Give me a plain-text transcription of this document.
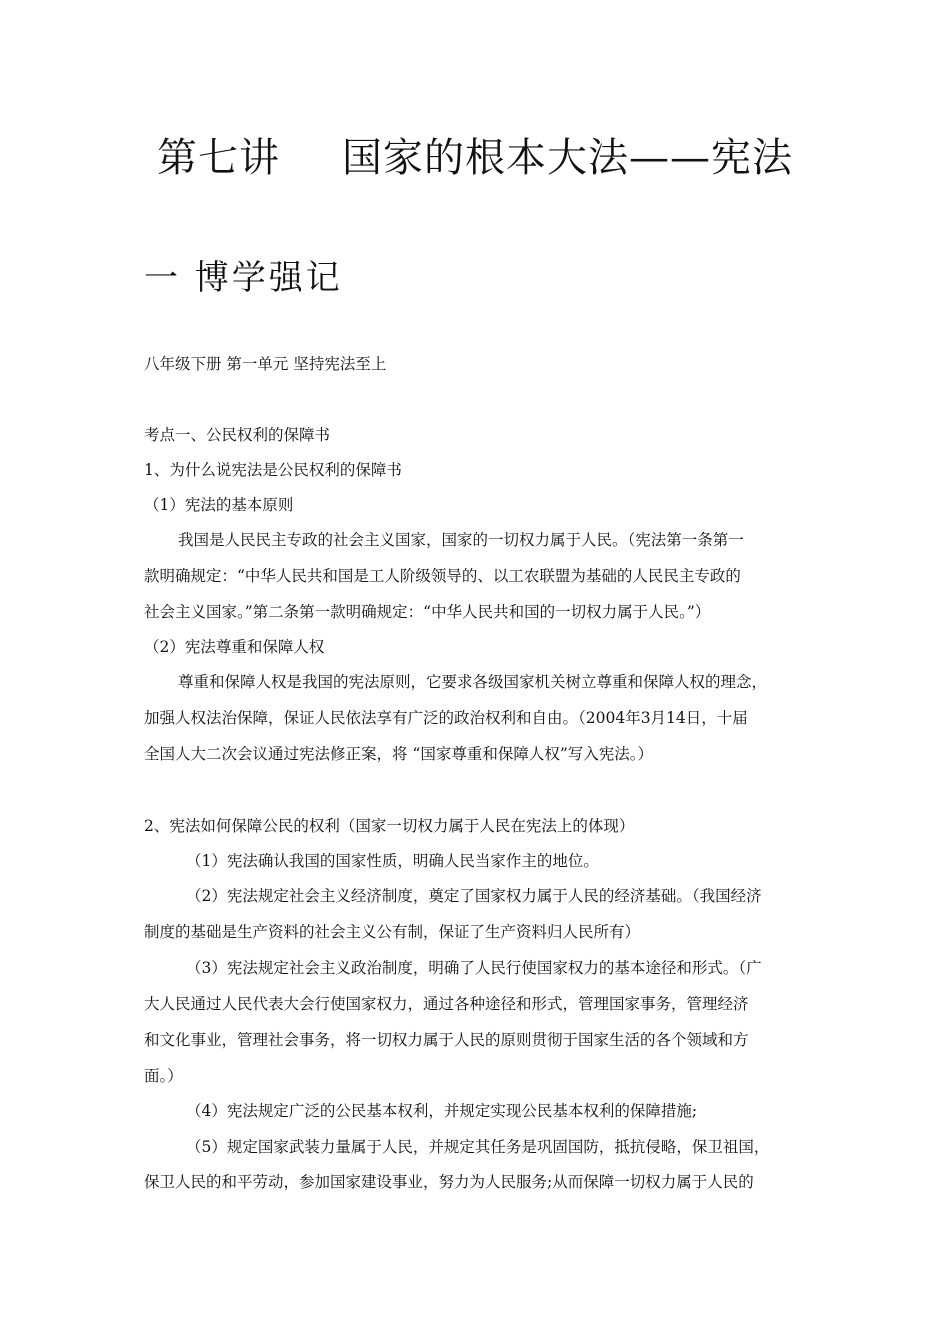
第七讲 国家的根本大法——宪法
一 博学强记
八年级下册 第一单元 坚持宪法至上
考点一、公民权利的保障书
1、为什么说宪法是公民权利的保障书
（1）宪法的基本原则
我国是人民民主专政的社会主义国家，国家的一切权力属于人民。（宪法第一条第一
款明确规定：“中华人民共和国是工人阶级领导的、以工农联盟为基础的人民民主专政的
社会主义国家。”第二条第一款明确规定：“中华人民共和国的一切权力属于人民。”）
（2）宪法尊重和保障人权
尊重和保障人权是我国的宪法原则，它要求各级国家机关树立尊重和保障人权的理念，
加强人权法治保障，保证人民依法享有广泛的政治权利和自由。（2004年3月14日，十届
全国人大二次会议通过宪法修正案，将 “国家尊重和保障人权”写入宪法。）
2、宪法如何保障公民的权利（国家一切权力属于人民在宪法上的体现）
（1）宪法确认我国的国家性质，明确人民当家作主的地位。
（2）宪法规定社会主义经济制度，奠定了国家权力属于人民的经济基础。（我国经济
制度的基础是生产资料的社会主义公有制，保证了生产资料归人民所有）
（3）宪法规定社会主义政治制度，明确了人民行使国家权力的基本途径和形式。（广
大人民通过人民代表大会行使国家权力，通过各种途径和形式，管理国家事务，管理经济
和文化事业，管理社会事务，将一切权力属于人民的原则贯彻于国家生活的各个领域和方
面。）
（4）宪法规定广泛的公民基本权利，并规定实现公民基本权利的保障措施;
（5）规定国家武装力量属于人民，并规定其任务是巩固国防，抵抗侵略，保卫祖国，
保卫人民的和平劳动，参加国家建设事业，努力为人民服务;从而保障一切权力属于人民的
